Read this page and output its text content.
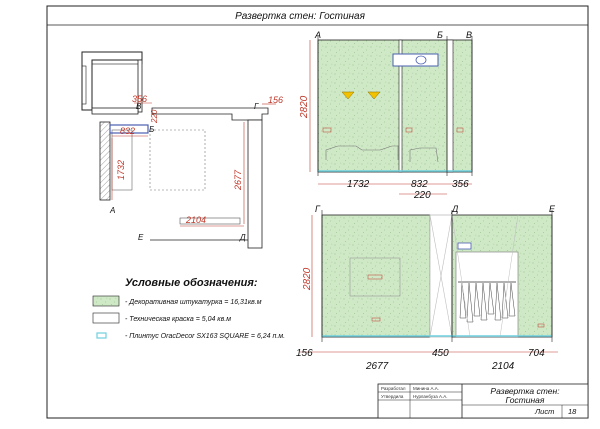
Развертка стен: Гостиная
В
Б
Г
А
Е	Д
356	156
220
832
1732	2677
2104
А	Б	В
2820
1732	832 356
220
Г	Д	Е
2820
156
2677
450
2104
704
Условные обозначения:
- Декоративная штукатурка = 16,31кв.м
- Техническая краска = 5,04 кв.м
- Плинтус OracDecor SX163 SQUARE = 6,24 п.м.
Разработал Минина А.А.
Утвердила Нурланбуза А.А.
Развертка стен:
Гостиная
Лист 18
